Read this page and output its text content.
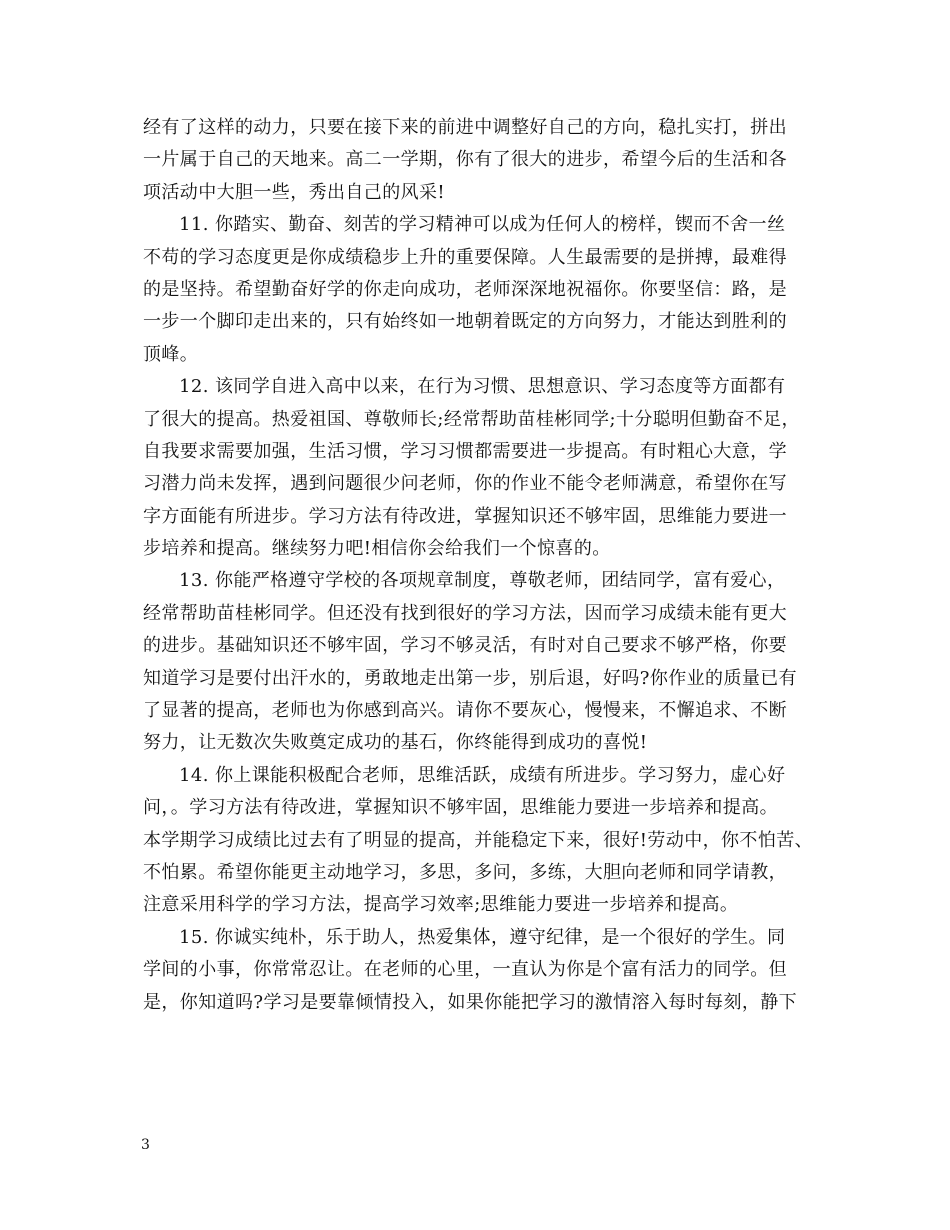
经有了这样的动力，只要在接下来的前进中调整好自己的方向，稳扎实打，拼出
一片属于自己的天地来。高二一学期，你有了很大的进步，希望今后的生活和各
项活动中大胆一些，秀出自己的风采!
11. 你踏实、勤奋、刻苦的学习精神可以成为任何人的榜样，锲而不舍一丝
不苟的学习态度更是你成绩稳步上升的重要保障。人生最需要的是拼搏，最难得
的是坚持。希望勤奋好学的你走向成功，老师深深地祝福你。你要坚信：路，是
一步一个脚印走出来的，只有始终如一地朝着既定的方向努力，才能达到胜利的
顶峰。
12. 该同学自进入高中以来，在行为习惯、思想意识、学习态度等方面都有
了很大的提高。热爱祖国、尊敬师长;经常帮助苗桂彬同学;十分聪明但勤奋不足，
自我要求需要加强，生活习惯，学习习惯都需要进一步提高。有时粗心大意，学
习潜力尚未发挥，遇到问题很少问老师，你的作业不能令老师满意，希望你在写
字方面能有所进步。学习方法有待改进，掌握知识还不够牢固，思维能力要进一
步培养和提高。继续努力吧!相信你会给我们一个惊喜的。
13. 你能严格遵守学校的各项规章制度，尊敬老师，团结同学，富有爱心，
经常帮助苗桂彬同学。但还没有找到很好的学习方法，因而学习成绩未能有更大
的进步。基础知识还不够牢固，学习不够灵活，有时对自己要求不够严格，你要
知道学习是要付出汗水的，勇敢地走出第一步，别后退，好吗?你作业的质量已有
了显著的提高，老师也为你感到高兴。请你不要灰心，慢慢来，不懈追求、不断
努力，让无数次失败奠定成功的基石，你终能得到成功的喜悦!
14. 你上课能积极配合老师，思维活跃，成绩有所进步。学习努力，虚心好
问，。学习方法有待改进，掌握知识不够牢固，思维能力要进一步培养和提高。
本学期学习成绩比过去有了明显的提高，并能稳定下来，很好!劳动中，你不怕苦、
不怕累。希望你能更主动地学习，多思，多问，多练，大胆向老师和同学请教，
注意采用科学的学习方法，提高学习效率;思维能力要进一步培养和提高。
15. 你诚实纯朴，乐于助人，热爱集体，遵守纪律，是一个很好的学生。同
学间的小事，你常常忍让。在老师的心里，一直认为你是个富有活力的同学。但
是，你知道吗?学习是要靠倾情投入，如果你能把学习的激情溶入每时每刻，静下
3
